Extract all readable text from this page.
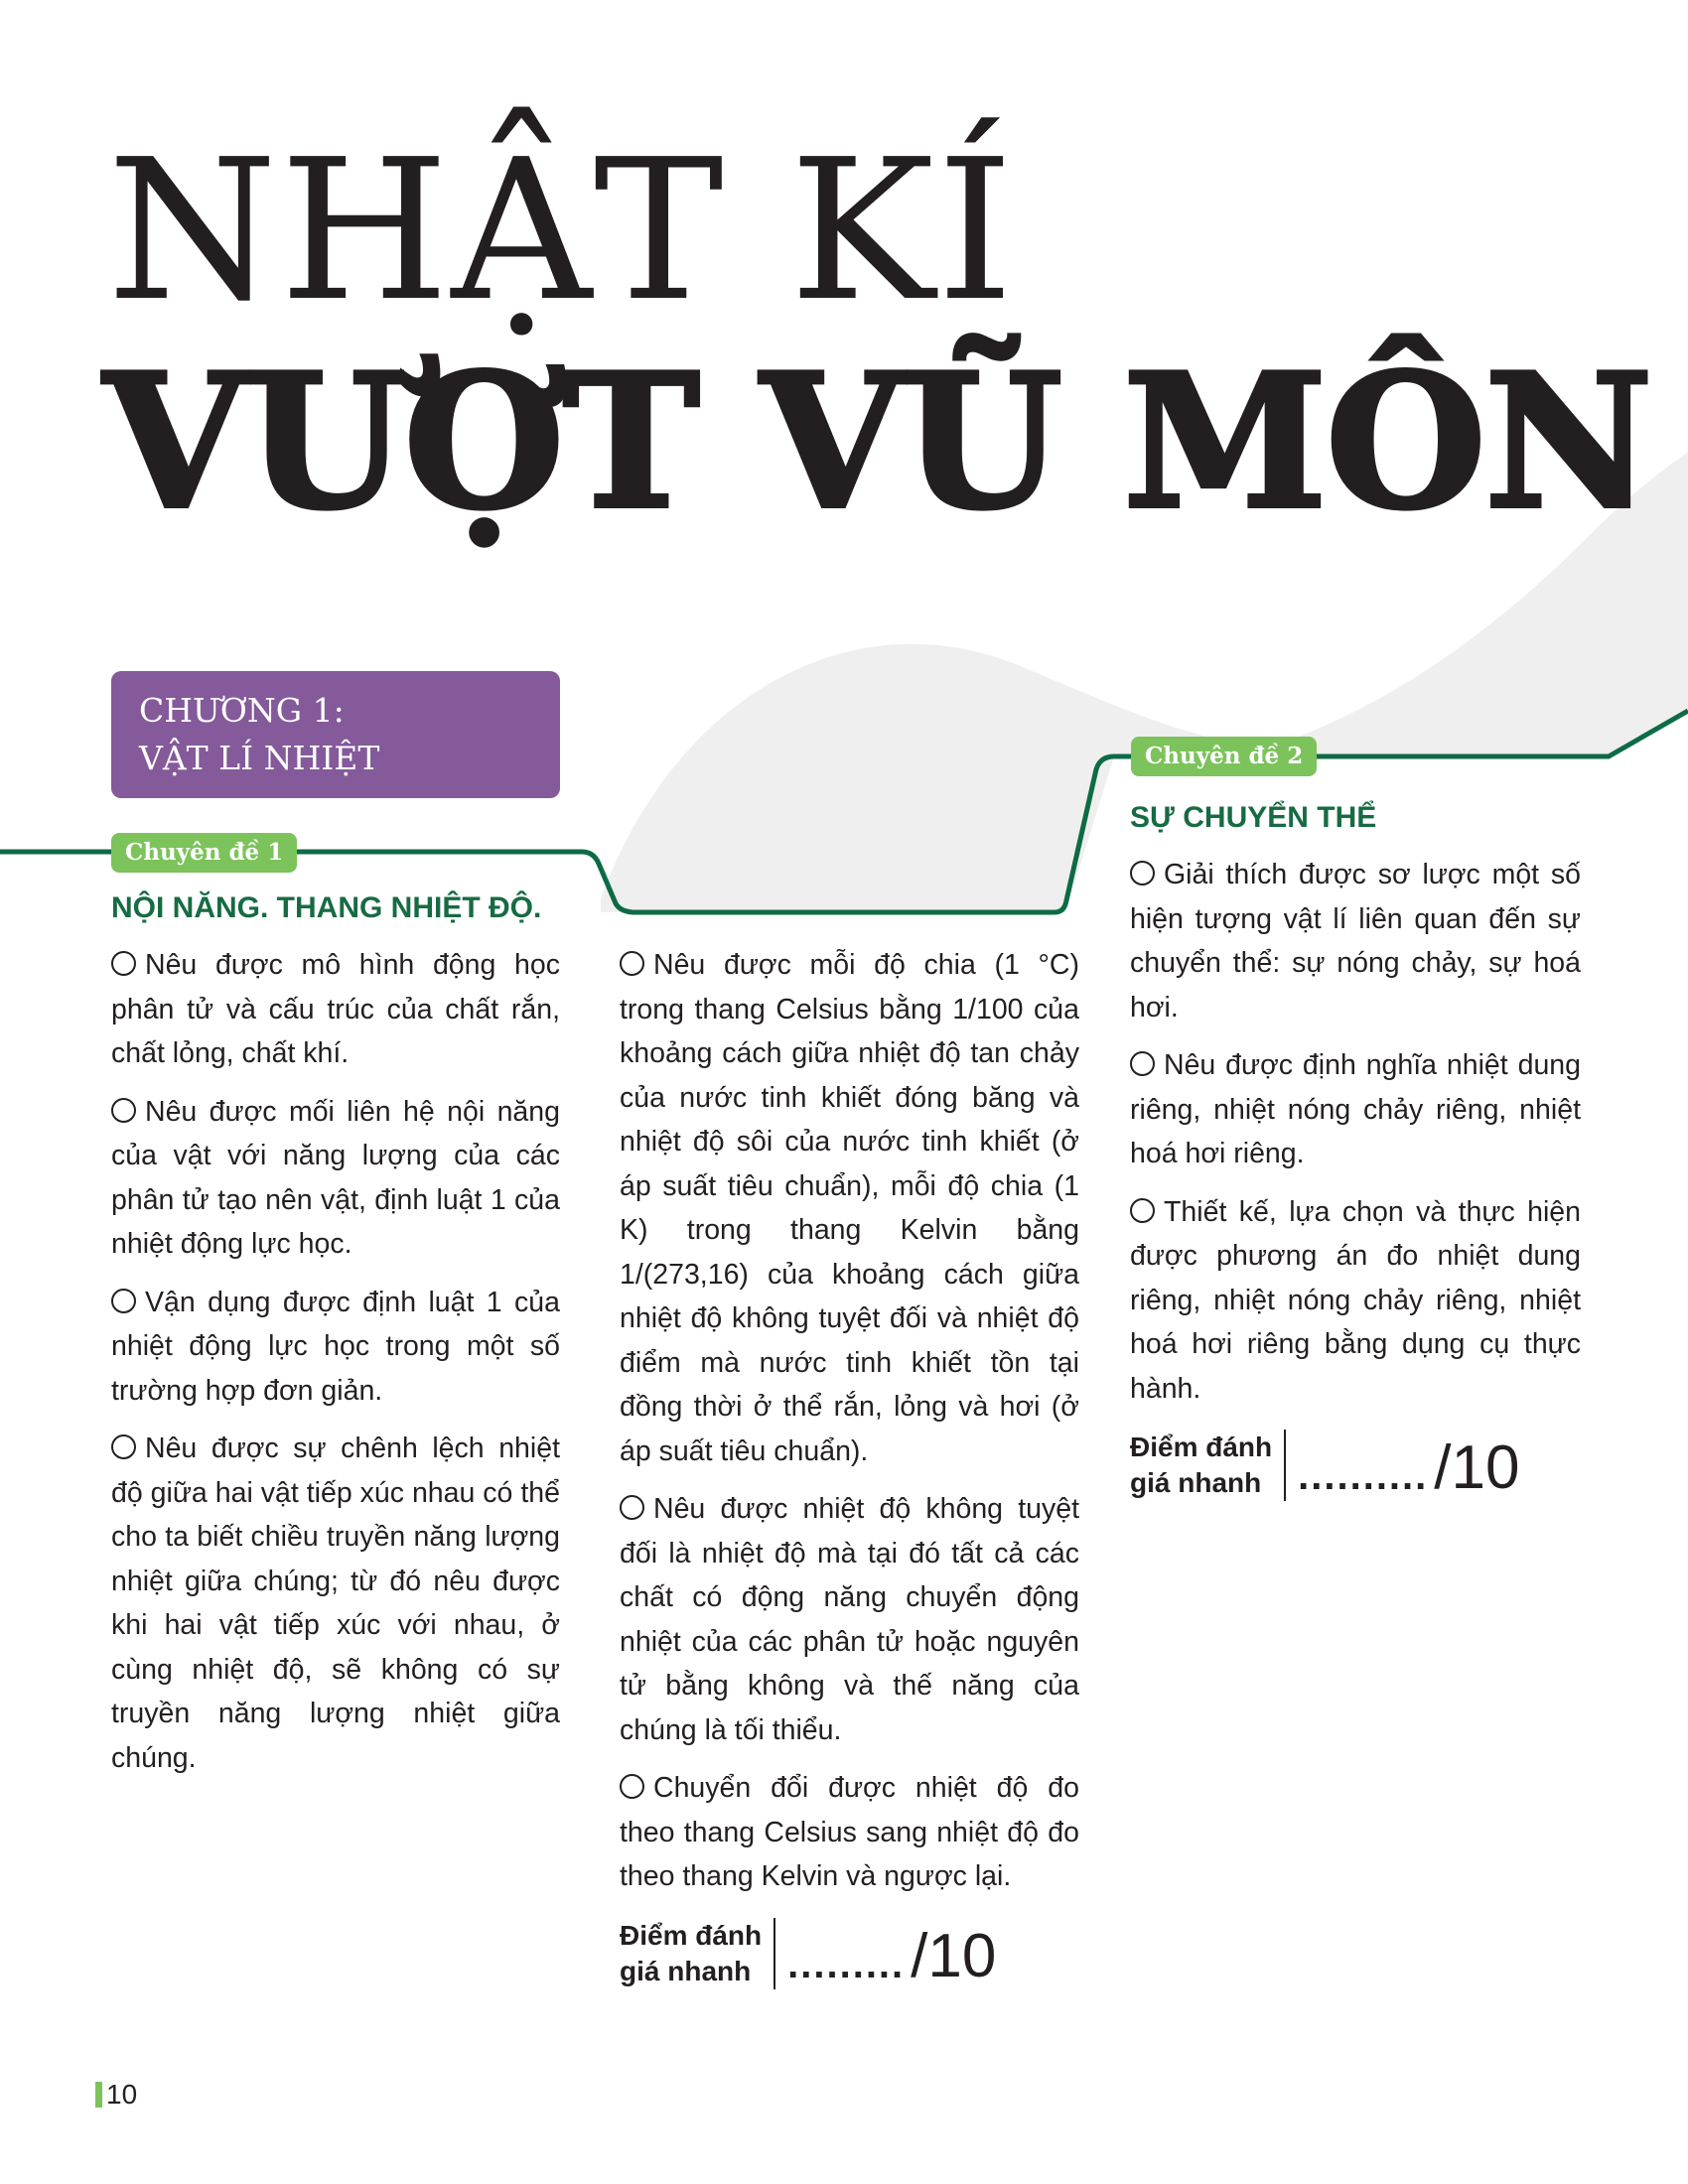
NHẬT KÍ
VƯỢT VŨ MÔN
CHƯƠNG 1:
VẬT LÍ NHIỆT
Chuyên đề 1
NỘI NĂNG. THANG NHIỆT ĐỘ.

Nêu được mô hình động học phân tử và cấu trúc của chất rắn, chất lỏng, chất khí.

Nêu được mối liên hệ nội năng của vật với năng lượng của các phân tử tạo nên vật, định luật 1 của nhiệt động lực học.

Vận dụng được định luật 1 của nhiệt động lực học trong một số trường hợp đơn giản.

Nêu được sự chênh lệch nhiệt độ giữa hai vật tiếp xúc nhau có thể cho ta biết chiều truyền năng lượng nhiệt giữa chúng; từ đó nêu được khi hai vật tiếp xúc với nhau, ở cùng nhiệt độ, sẽ không có sự truyền năng lượng nhiệt giữa chúng.

Nêu được mỗi độ chia (1 °C) trong thang Celsius bằng 1/100 của khoảng cách giữa nhiệt độ tan chảy của nước tinh khiết đóng băng và nhiệt độ sôi của nước tinh khiết (ở áp suất tiêu chuẩn), mỗi độ chia (1 K) trong thang Kelvin bằng 1/(273,16) của khoảng cách giữa nhiệt độ không tuyệt đối và nhiệt độ điểm mà nước tinh khiết tồn tại đồng thời ở thể rắn, lỏng và hơi (ở áp suất tiêu chuẩn).

Nêu được nhiệt độ không tuyệt đối là nhiệt độ mà tại đó tất cả các chất có động năng chuyển động nhiệt của các phân tử hoặc nguyên tử bằng không và thế năng của chúng là tối thiểu.

Chuyển đổi được nhiệt độ đo theo thang Celsius sang nhiệt độ đo theo thang Kelvin và ngược lại.

Điểm đánh
giá nhanh ......... /10
Chuyên đề 2
SỰ CHUYỂN THỂ

Giải thích được sơ lược một số hiện tượng vật lí liên quan đến sự chuyển thể: sự nóng chảy, sự hoá hơi.

Nêu được định nghĩa nhiệt dung riêng, nhiệt nóng chảy riêng, nhiệt hoá hơi riêng.

Thiết kế, lựa chọn và thực hiện được phương án đo nhiệt dung riêng, nhiệt nóng chảy riêng, nhiệt hoá hơi riêng bằng dụng cụ thực hành.

Điểm đánh
giá nhanh .......... /10
10
